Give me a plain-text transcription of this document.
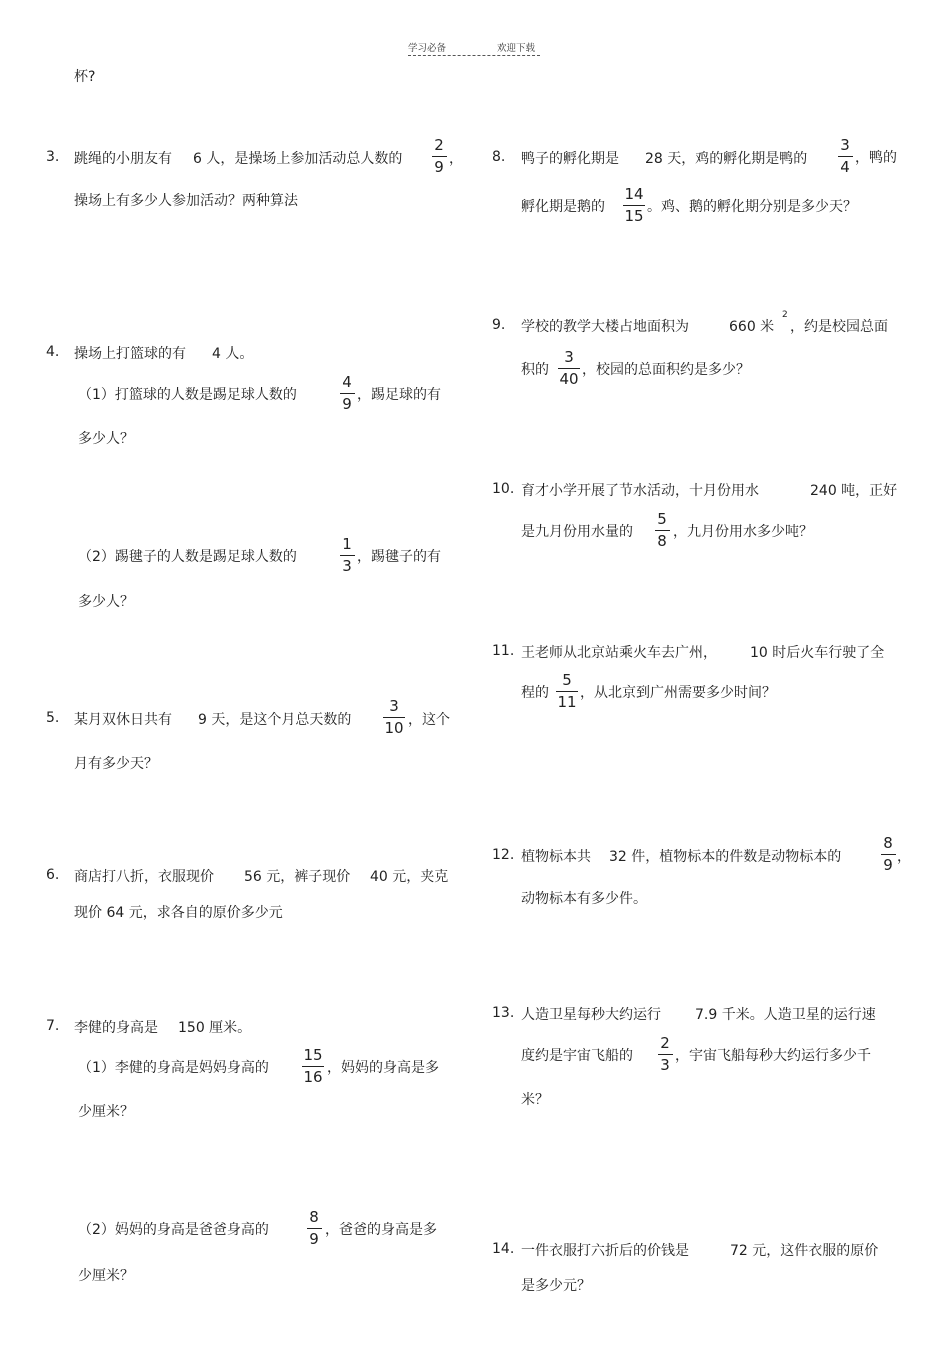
学习必备	欢迎下载
杯?
3. 跳绳的小朋友有 6 人，是操场上参加活动总人数的
2
9 ，
操场上有多少人参加活动？两种算法
4. 操场上打篮球的有 4 人。
（1）打篮球的人数是踢足球人数的
4
9 ，踢足球的有
多少人？
（2）踢毽子的人数是踢足球人数的
1
3 ，踢毽子的有
多少人？
5. 某月双休日共有 9 天，是这个月总天数的
3
10 ，这个
月有多少天？
6. 商店打八折，衣服现价 56 元，裤子现价 40 元，夹克
现价 64 元，求各自的原价多少元
7. 李健的身高是 150 厘米。
（1）李健的身高是妈妈身高的
15
16 ，妈妈的身高是多
少厘米？
（2）妈妈的身高是爸爸身高的
8
9 ，爸爸的身高是多
少厘米？
8. 鸭子的孵化期是 28 天，鸡的孵化期是鸭的
3
4 ，鸭的
孵化期是鹅的
14
15 。鸡、鹅的孵化期分别是多少天？
9. 学校的教学大楼占地面积为	660 米
2
，约是校园总面
积的
3
40 ，校园的总面积约是多少？
10. 育才小学开展了节水活动，十月份用水	240 吨，正好
是九月份用水量的
5
8 ，九月份用水多少吨？
11. 王老师从北京站乘火车去广州， 10 时后火车行驶了全
程的
5
11 ，从北京到广州需要多少时间？
12. 植物标本共 32 件，植物标本的件数是动物标本的
8
9 ，
动物标本有多少件。
13. 人造卫星每秒大约运行 7.9 千米。人造卫星的运行速
度约是宇宙飞船的
2
3 ，宇宙飞船每秒大约运行多少千
米？
14. 一件衣服打六折后的价钱是	72 元，这件衣服的原价
是多少元？
